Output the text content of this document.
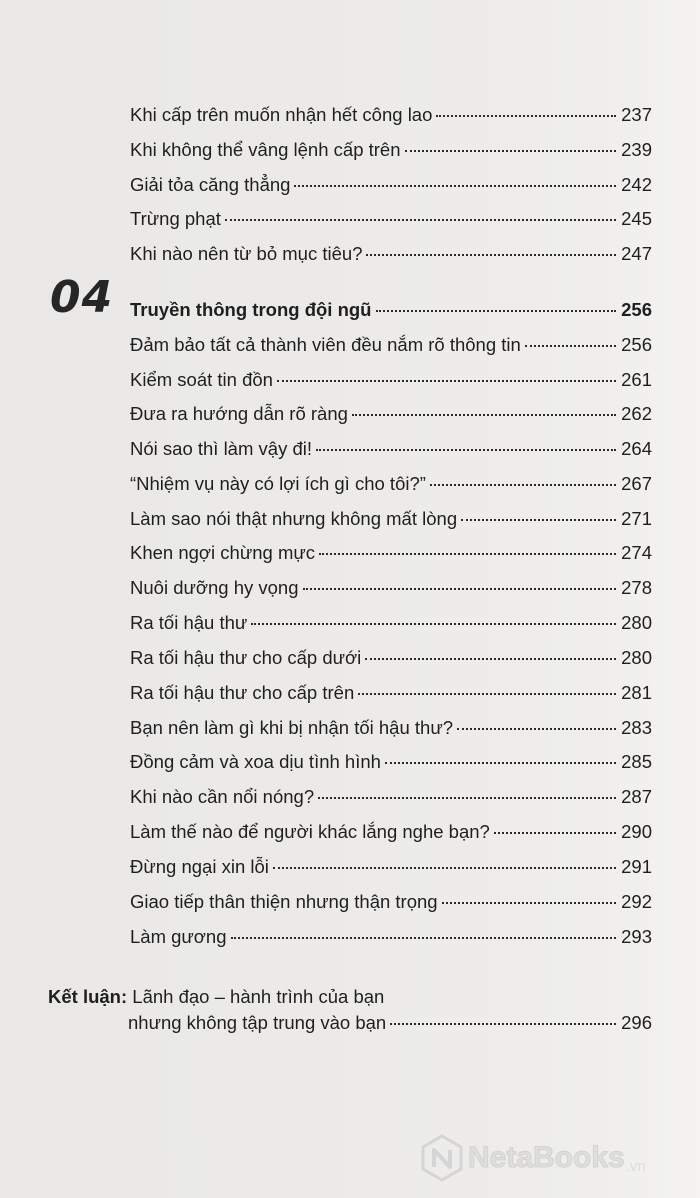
Khi cấp trên muốn nhận hết công lao	237
Khi không thể vâng lệnh cấp trên	239
Giải tỏa căng thẳng	242
Trừng phạt	245
Khi nào nên từ bỏ mục tiêu?	247
04 Truyền thông trong đội ngũ	256
Đảm bảo tất cả thành viên đều nắm rõ thông tin	256
Kiểm soát tin đồn	261
Đưa ra hướng dẫn rõ ràng	262
Nói sao thì làm vậy đi!	264
“Nhiệm vụ này có lợi ích gì cho tôi?”	267
Làm sao nói thật nhưng không mất lòng	271
Khen ngợi chừng mực	274
Nuôi dưỡng hy vọng	278
Ra tối hậu thư	280
Ra tối hậu thư cho cấp dưới	280
Ra tối hậu thư cho cấp trên	281
Bạn nên làm gì khi bị nhận tối hậu thư?	283
Đồng cảm và xoa dịu tình hình	285
Khi nào cần nổi nóng?	287
Làm thế nào để người khác lắng nghe bạn?	290
Đừng ngại xin lỗi	291
Giao tiếp thân thiện nhưng thận trọng	292
Làm gương	293
Kết luận: Lãnh đạo – hành trình của bạn
nhưng không tập trung vào bạn	296
NetaBooks .vn
